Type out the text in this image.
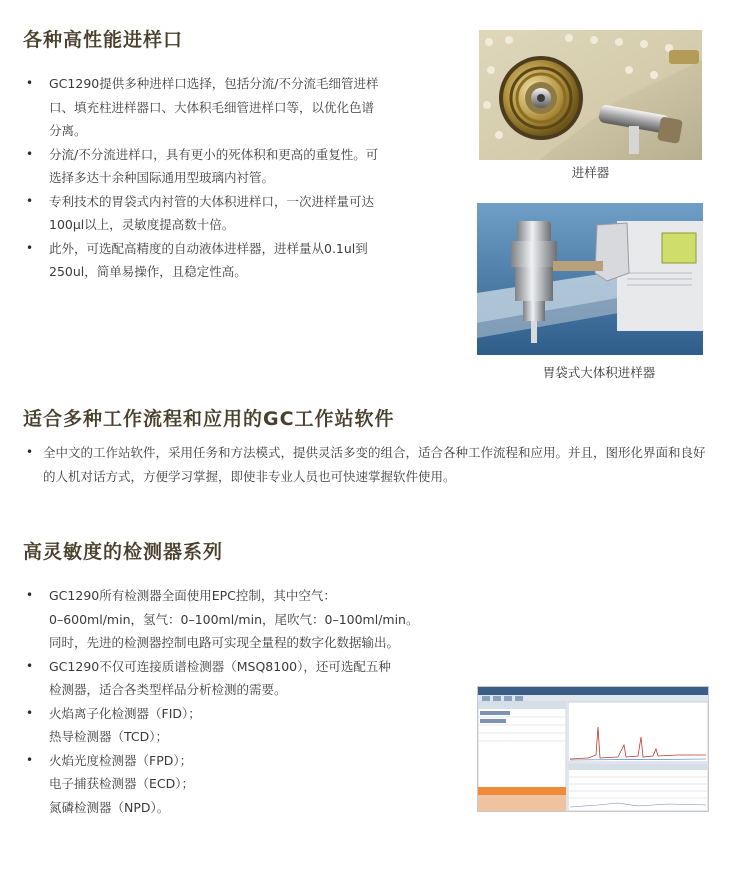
各种高性能进样口
• GC1290提供多种进样口选择，包括分流/不分流毛细管进样
口、填充柱进样器口、大体积毛细管进样口等，以优化色谱
分离。
• 分流/不分流进样口，具有更小的死体积和更高的重复性。可
选择多达十余种国际通用型玻璃内衬管。
• 专利技术的胃袋式内衬管的大体积进样口，一次进样量可达
100μl以上，灵敏度提高数十倍。
• 此外，可选配高精度的自动液体进样器，进样量从0.1ul到
250ul，简单易操作，且稳定性高。
进样器
胃袋式大体积进样器
适合多种工作流程和应用的GC工作站软件
• 全中文的工作站软件，采用任务和方法模式，提供灵活多变的组合，适合各种工作流程和应用。并且，图形化界面和良好的人机对话方式，方便学习掌握，即使非专业人员也可快速掌握软件使用。
高灵敏度的检测器系列
• GC1290所有检测器全面使用EPC控制，其中空气：
0–600ml/min，氢气：0–100ml/min，尾吹气：0–100ml/min。
同时，先进的检测器控制电路可实现全量程的数字化数据输出。
• GC1290不仅可连接质谱检测器（MSQ8100），还可选配五种
检测器，适合各类型样品分析检测的需要。
• 火焰离子化检测器（FID）；
热导检测器（TCD）；
• 火焰光度检测器（FPD）；
电子捕获检测器（ECD）；
氮磷检测器（NPD）。
